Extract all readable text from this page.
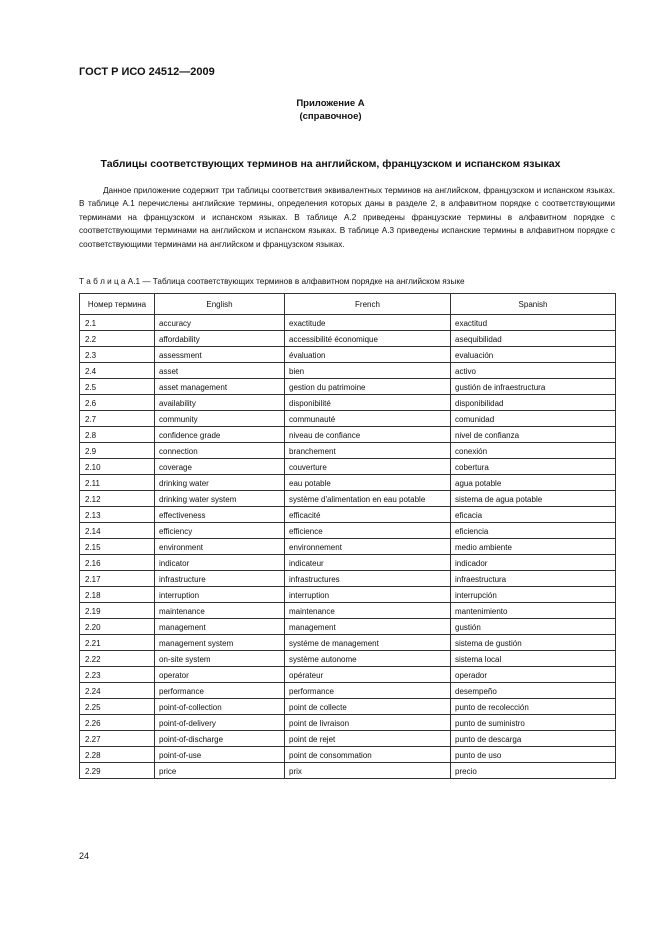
ГОСТ Р ИСО 24512—2009
Приложение А
(справочное)
Таблицы соответствующих терминов на английском, французском и испанском языках

Данное приложение содержит три таблицы соответствия эквивалентных терминов на английском, французском и испанском языках. В таблице А.1 перечислены английские термины, определения которых даны в разделе 2, в алфавитном порядке с соответствующими терминами на французском и испанском языках. В таблице А.2 приведены французские термины в алфавитном порядке с соответствующими терминами на английском и испанском языках. В таблице А.3 приведены испанские термины в алфавитном порядке с соответствующими терминами на английском и французском языках.

Т а б л и ц а А.1 — Таблица соответствующих терминов в алфавитном порядке на английском языке
Номер термина	English	French	Spanish
2.1	accuracy	exactitude	exactitud
2.2	affordability	accessibilité économique	asequibilidad
2.3	assessment	évaluation	evaluación
2.4	asset	bien	activo
2.5	asset management	gestion du patrimoine	gustión de infraestructura
2.6	availability	disponibilité	disponibilidad
2.7	community	communauté	comunidad
2.8	confidence grade	niveau de confiance	nivel de confianza
2.9	connection	branchement	conexión
2.10	coverage	couverture	cobertura
2.11	drinking water	eau potable	agua potable
2.12	drinking water system	système d'alimentation en eau potable	sistema de agua potable
2.13	effectiveness	efficacité	eficacia
2.14	efficiency	efficience	eficiencia
2.15	environment	environnement	medio ambiente
2.16	indicator	indicateur	indicador
2.17	infrastructure	infrastructures	infraestructura
2.18	interruption	interruption	interrupción
2.19	maintenance	maintenance	mantenimiento
2.20	management	management	gustión
2.21	management system	systéme de management	sistema de gustión
2.22	on-site system	système autonome	sistema local
2.23	operator	opérateur	operador
2.24	performance	performance	desempeño
2.25	point-of-collection	point de collecte	punto de recolección
2.26	point-of-delivery	point de livraison	punto de suministro
2.27	point-of-discharge	point de rejet	punto de descarga
2.28	point-of-use	point de consommation	punto de uso
2.29	price	prix	precio
24
